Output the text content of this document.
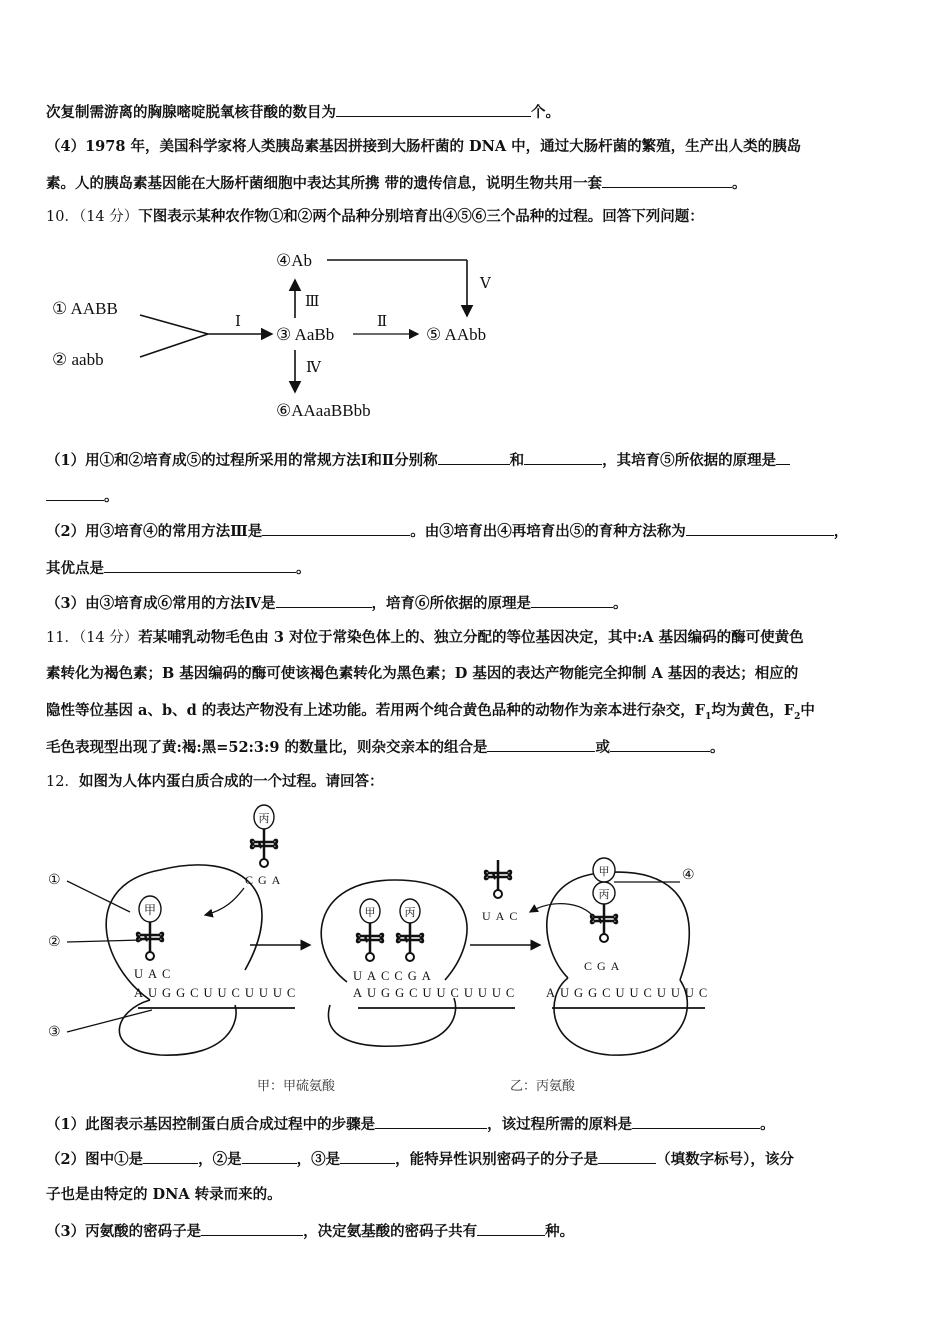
次复制需游离的胸腺嘧啶脱氧核苷酸的数目为	个。
（4）1978 年，美国科学家将人类胰岛素基因拼接到大肠杆菌的 DNA 中，通过大肠杆菌的繁殖，生产出人类的胰岛
素。人的胰岛素基因能在大肠杆菌细胞中表达其所携 带的遗传信息，说明生物共用一套	。
10．（14 分）下图表示某种农作物①和②两个品种分别培育出④⑤⑥三个品种的过程。回答下列问题：
① AABB
② aabb
Ⅰ
③ AaBb
Ⅱ
⑤ AAbb
Ⅲ
④Ab
Ⅴ
Ⅳ
⑥AAaaBBbb
（1）用①和②培育成⑤的过程所采用的常规方法Ⅰ和Ⅱ分别称	和	，其培育⑤所依据的原理是
。
（2）用③培育④的常用方法Ⅲ是	。由③培育出④再培育出⑤的育种方法称为	，
其优点是	。
（3）由③培育成⑥常用的方法Ⅳ是	，培育⑥所依据的原理是	。
11．（14 分）若某哺乳动物毛色由 3 对位于常染色体上的、独立分配的等位基因决定，其中:A 基因编码的酶可使黄色
素转化为褐色素；B 基因编码的酶可使该褐色素转化为黑色素；D 基因的表达产物能完全抑制 A 基因的表达；相应的
隐性等位基因 a、b、d 的表达产物没有上述功能。若用两个纯合黄色品种的动物作为亲本进行杂交，$F_1$均为黄色，$F_2$中
毛色表现型出现了黄:褐:黑=52:3:9 的数量比，则杂交亲本的组合是	或	。
12．如图为人体内蛋白质合成的一个过程。请回答：
甲
UAC
AUGGCUUCUUUC
丙
CGA
①
②
③
甲	丙
UACCGA
AUGGCUUCUUUC
UAC
甲
丙
CGA
AUGGCUUCUUUC
④
甲：甲硫氨酸	乙：丙氨酸
（1）此图表示基因控制蛋白质合成过程中的步骤是	，该过程所需的原料是	。
（2）图中①是	，②是	，③是	，能特异性识别密码子的分子是	（填数字标号），该分
子也是由特定的 DNA 转录而来的。
（3）丙氨酸的密码子是	，决定氨基酸的密码子共有	种。
